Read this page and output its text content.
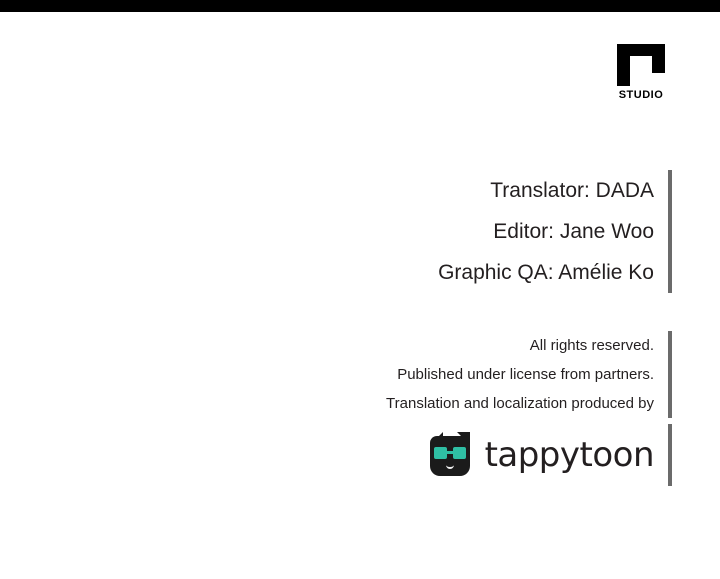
STUDIO
Translator: DADA
Editor: Jane Woo
Graphic QA: Amélie Ko
All rights reserved.
Published under license from partners.
Translation and localization produced by
tappytoon
